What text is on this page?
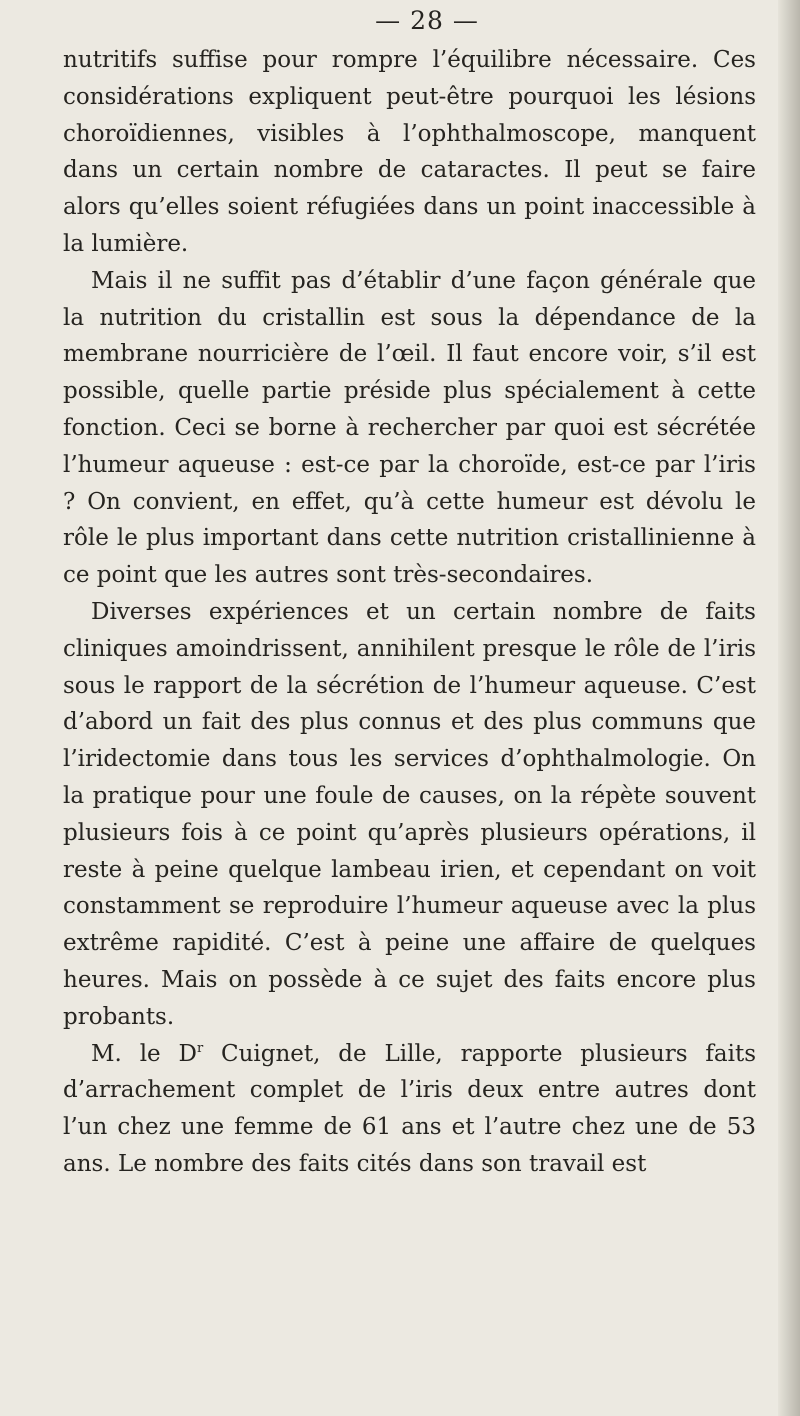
— 28 —

nutritifs suffise pour rompre l’équilibre nécessaire. Ces considérations expliquent peut-être pourquoi les lésions choroïdiennes, visibles à l’ophthalmoscope, manquent dans un certain nombre de cataractes. Il peut se faire alors qu’elles soient réfugiées dans un point inaccessible à la lumière.

Mais il ne suffit pas d’établir d’une façon générale que la nutrition du cristallin est sous la dépendance de la membrane nourricière de l’œil. Il faut encore voir, s’il est possible, quelle partie préside plus spécialement à cette fonction. Ceci se borne à rechercher par quoi est sécrétée l’humeur aqueuse : est-ce par la choroïde, est-ce par l’iris ? On convient, en effet, qu’à cette humeur est dévolu le rôle le plus important dans cette nutrition cristallinienne à ce point que les autres sont très-secondaires.

Diverses expériences et un certain nombre de faits cliniques amoindrissent, annihilent presque le rôle de l’iris sous le rapport de la sécrétion de l’humeur aqueuse. C’est d’abord un fait des plus connus et des plus communs que l’iridectomie dans tous les services d’ophthalmologie. On la pratique pour une foule de causes, on la répète souvent plusieurs fois à ce point qu’après plusieurs opérations, il reste à peine quelque lambeau irien, et cependant on voit constamment se reproduire l’humeur aqueuse avec la plus extrême rapidité. C’est à peine une affaire de quelques heures. Mais on possède à ce sujet des faits encore plus probants.

M. le $D^r$ Cuignet, de Lille, rapporte plusieurs faits d’arrachement complet de l’iris deux entre autres dont l’un chez une femme de 61 ans et l’autre chez une de 53 ans. Le nombre des faits cités dans son travail est
